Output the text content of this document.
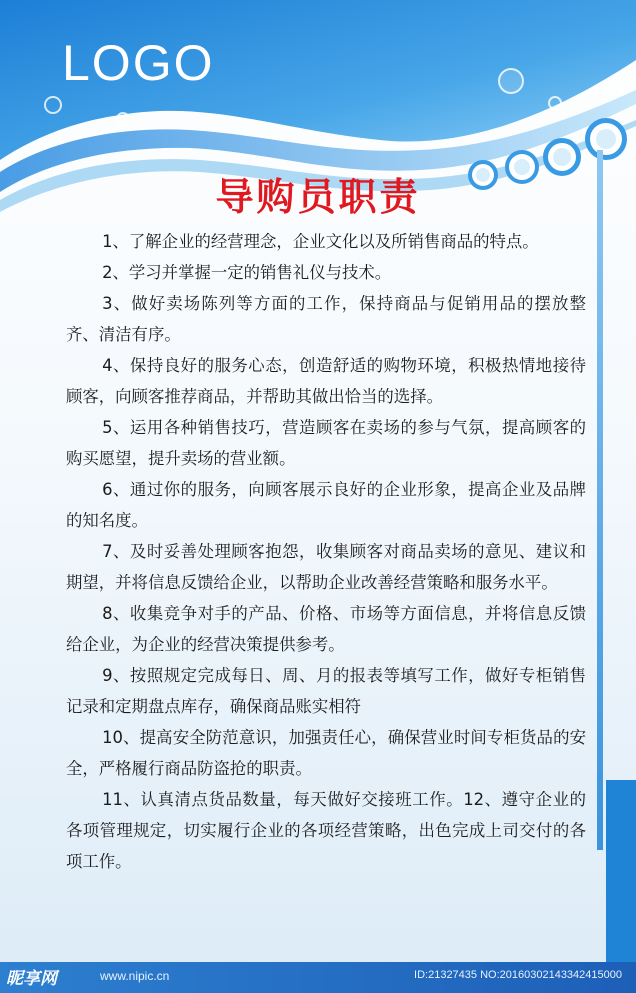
LOGO
导购员职责

1、了解企业的经营理念，企业文化以及所销售商品的特点。

2、学习并掌握一定的销售礼仪与技术。

3、做好卖场陈列等方面的工作，保持商品与促销用品的摆放整齐、清洁有序。

4、保持良好的服务心态，创造舒适的购物环境，积极热情地接待顾客，向顾客推荐商品，并帮助其做出恰当的选择。

5、运用各种销售技巧，营造顾客在卖场的参与气氛，提高顾客的购买愿望，提升卖场的营业额。

6、通过你的服务，向顾客展示良好的企业形象，提高企业及品牌的知名度。

7、及时妥善处理顾客抱怨，收集顾客对商品卖场的意见、建议和期望，并将信息反馈给企业，以帮助企业改善经营策略和服务水平。

8、收集竞争对手的产品、价格、市场等方面信息，并将信息反馈给企业，为企业的经营决策提供参考。

9、按照规定完成每日、周、月的报表等填写工作，做好专柜销售记录和定期盘点库存，确保商品账实相符

10、提高安全防范意识，加强责任心，确保营业时间专柜货品的安全，严格履行商品防盗抢的职责。

11、认真清点货品数量，每天做好交接班工作。12、遵守企业的各项管理规定，切实履行企业的各项经营策略，出色完成上司交付的各项工作。

昵享网	www.nipic.cn	ID:21327435 NO:20160302143342415000
